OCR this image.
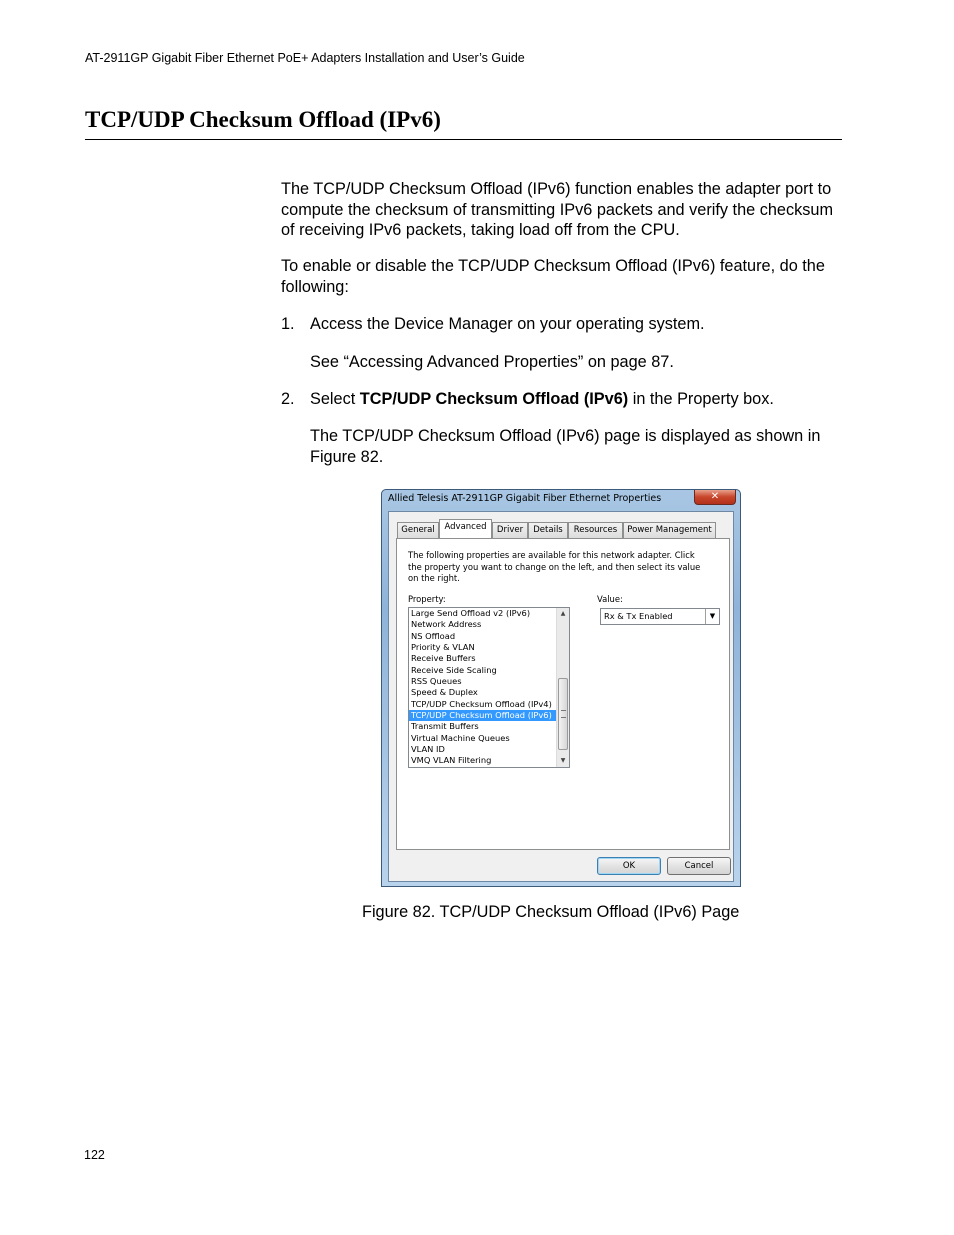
AT-2911GP Gigabit Fiber Ethernet PoE+ Adapters Installation and User’s Guide
TCP/UDP Checksum Offload (IPv6)

The TCP/UDP Checksum Offload (IPv6) function enables the adapter port to compute the checksum of transmitting IPv6 packets and verify the checksum of receiving IPv6 packets, taking load off from the CPU.

To enable or disable the TCP/UDP Checksum Offload (IPv6) feature, do the following:

1. Access the Device Manager on your operating system.

See “Accessing Advanced Properties” on page 87.

2. Select TCP/UDP Checksum Offload (IPv6) in the Property box.

The TCP/UDP Checksum Offload (IPv6) page is displayed as shown in Figure 82.

Allied Telesis AT-2911GP Gigabit Fiber Ethernet Properties	✕
General	Advanced	Driver	Details	Resources	Power Management

The following properties are available for this network adapter. Click the property you want to change on the left, and then select its value on the right.

Property:	Value:
Large Send Offload v2 (IPv6)
Network Address
NS Offload
Priority & VLAN
Receive Buffers
Receive Side Scaling
RSS Queues
Speed & Duplex
TCP/UDP Checksum Offload (IPv4)
TCP/UDP Checksum Offload (IPv6)
Transmit Buffers
Virtual Machine Queues
VLAN ID
VMQ VLAN Filtering
▲
▼
Rx & Tx Enabled	▼
OK	Cancel
Figure 82. TCP/UDP Checksum Offload (IPv6) Page
122
